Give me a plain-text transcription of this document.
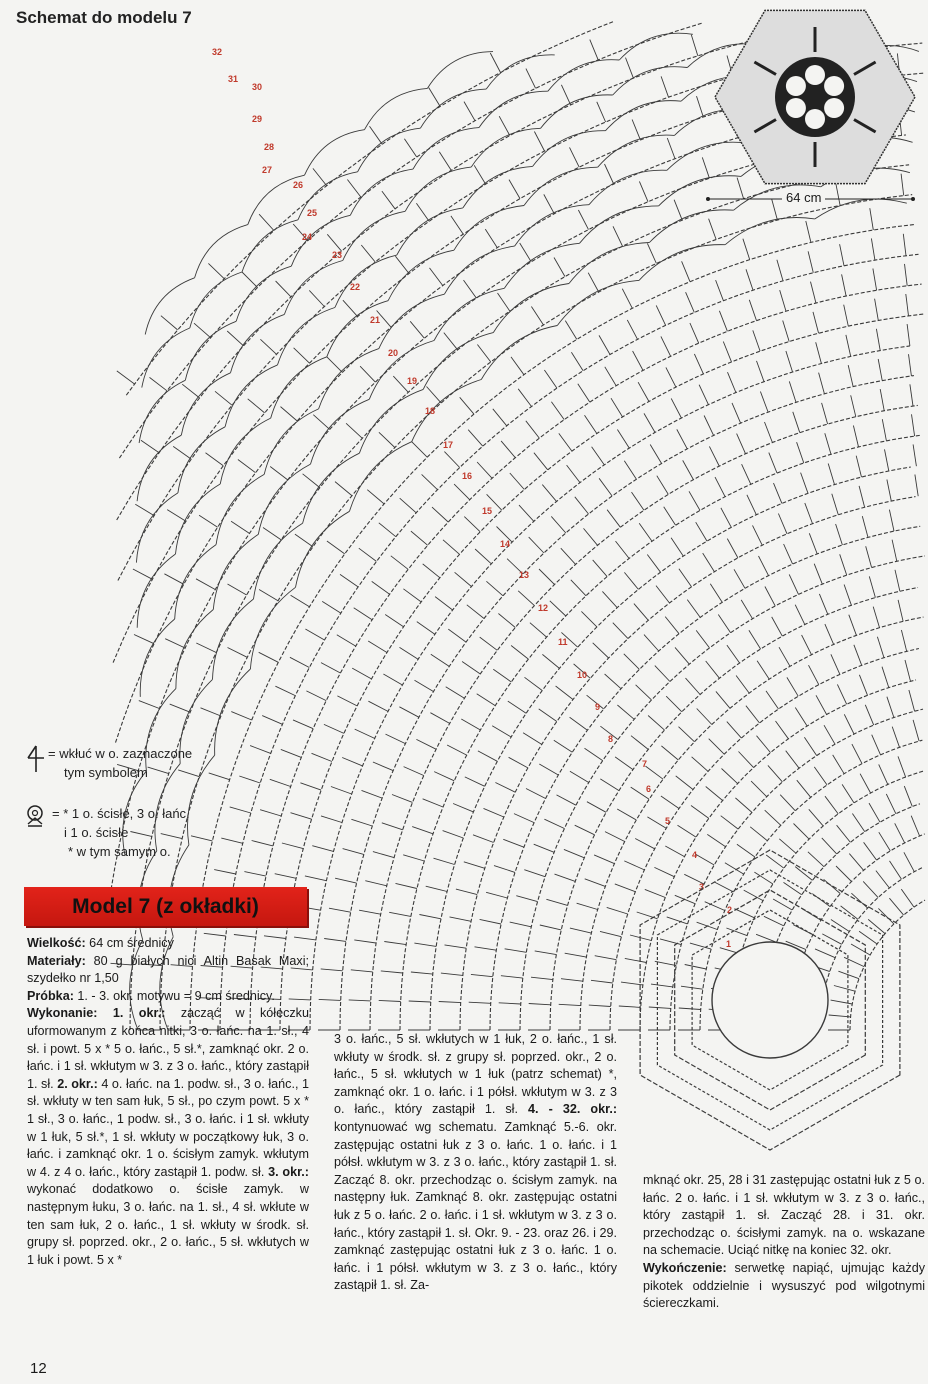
32
31
30
29
28
27
26
25
24
23
22
21
20
19
18
17
16
15
14
13
12
11
10
9
8
7
6
5
4
3
2
1
Schemat do modelu 7
64 cm
= wkłuć w o. zaznaczone
tym symbolem
= * 1 o. ścisłe, 3 o. łańc.
i 1 o. ścisłe
* w tym samym o.
Model 7 (z okładki)
Wielkość: 64 cm średnicy
Materiały: 80 g białych nici Altin Basak Maxi; szydełko nr 1,50
Próbka: 1. - 3. okr. motywu = 9 cm średnicy.
Wykonanie: 1. okr.: zacząć w kółeczku uformowanym z końca nitki, 3 o. łańc. na 1. sł., 4 sł. i powt. 5 x * 5 o. łańc., 5 sł.*, zamknąć okr. 2 o. łańc. i 1 sł. wkłutym w 3. z 3 o. łańc., który zastąpił 1. sł. 2. okr.: 4 o. łańc. na 1. podw. sł., 3 o. łańc., 1 sł. wkłuty w ten sam łuk, 5 sł., po czym powt. 5 x * 1 sł., 3 o. łańc., 1 podw. sł., 3 o. łańc. i 1 sł. wkłuty w 1 łuk, 5 sł.*, 1 sł. wkłuty w początkowy łuk, 3 o. łańc. i zamknąć okr. 1 o. ścisłym zamyk. wkłutym w 4. z 4 o. łańc., który zastąpił 1. podw. sł. 3. okr.: wykonać dodatkowo o. ścisłe zamyk. w następnym łuku, 3 o. łańc. na 1. sł., 4 sł. wkłute w ten sam łuk, 2 o. łańc., 1 sł. wkłuty w środk. sł. grupy sł. poprzed. okr., 2 o. łańc., 5 sł. wkłutych w 1 łuk i powt. 5 x *
3 o. łańc., 5 sł. wkłutych w 1 łuk, 2 o. łańc., 1 sł. wkłuty w środk. sł. z grupy sł. poprzed. okr., 2 o. łańc., 5 sł. wkłutych w 1 łuk (patrz schemat) *, zamknąć okr. 1 o. łańc. i 1 półsł. wkłutym w 3. z 3 o. łańc., który zastąpił 1. sł. 4. - 32. okr.: kontynuować wg schematu. Zamknąć 5.-6. okr. zastępując ostatni łuk z 3 o. łańc. 1 o. łańc. i 1 półsł. wkłutym w 3. z 3 o. łańc., który zastąpił 1. sł. Zacząć 8. okr. przechodząc o. ścisłym zamyk. na następny łuk. Zamknąć 8. okr. zastępując ostatni łuk z 5 o. łańc. 2 o. łańc. i 1 sł. wkłutym w 3. z 3 o. łańc., który zastąpił 1. sł. Okr. 9. - 23. oraz 26. i 29. zamknąć zastępując ostatni łuk z 3 o. łańc. 1 o. łańc. i 1 półsł. wkłutym w 3. z 3 o. łańc., który zastąpił 1. sł. Za-
mknąć okr. 25, 28 i 31 zastępując ostatni łuk z 5 o. łańc. 2 o. łańc. i 1 sł. wkłutym w 3. z 3 o. łańc., który zastąpił 1. sł. Zacząć 28. i 31. okr. przechodząc o. ścisłymi zamyk. na o. wskazane na schemacie. Uciąć nitkę na koniec 32. okr.
Wykończenie: serwetkę napiąć, ujmując każdy pikotek oddzielnie i wysuszyć pod wilgotnymi ściereczkami.
12
